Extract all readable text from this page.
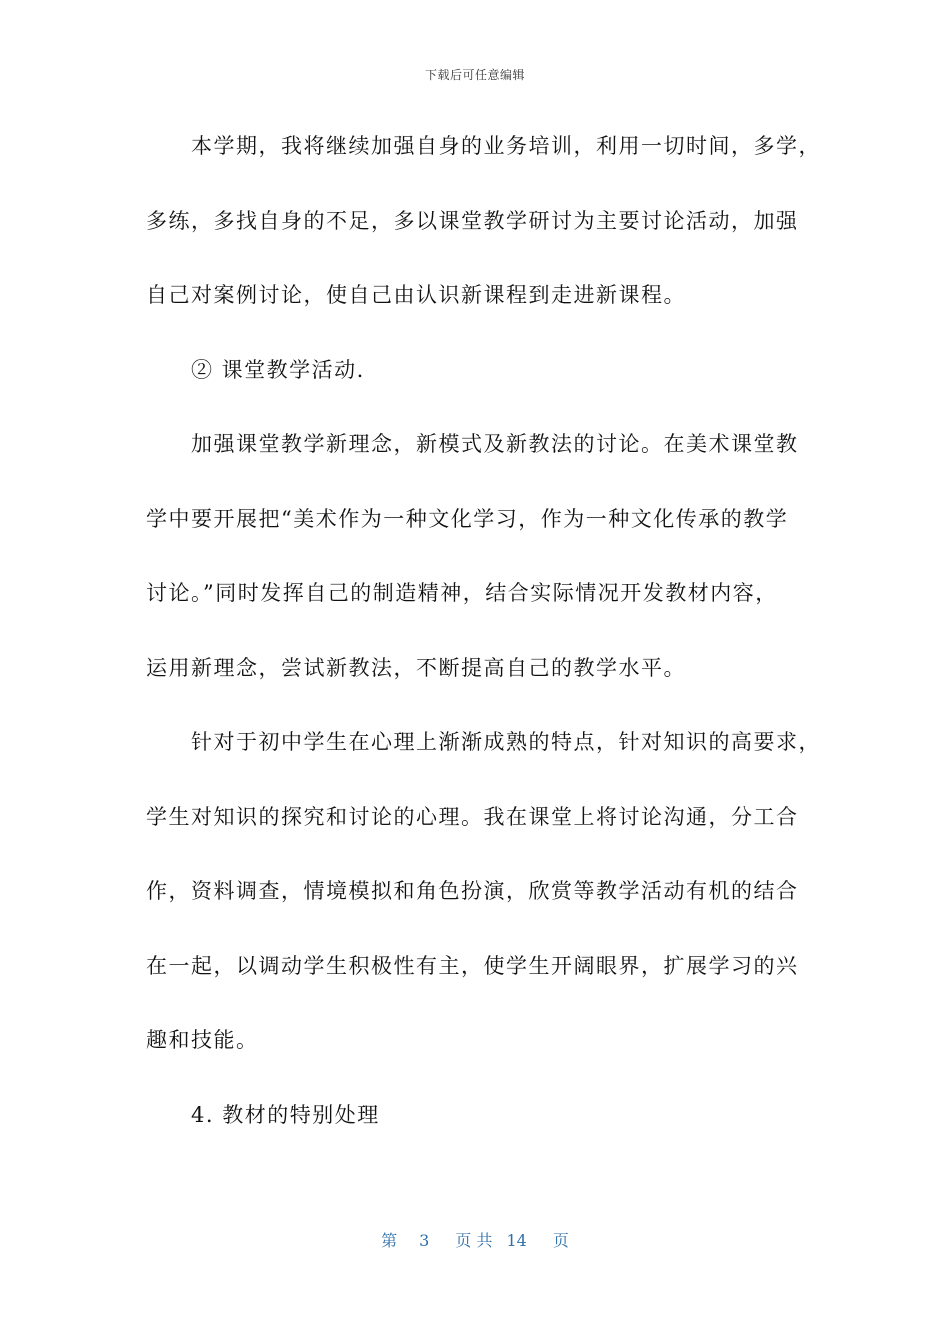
下载后可任意编辑
本学期，我将继续加强自身的业务培训，利用一切时间，多学，
多练，多找自身的不足，多以课堂教学研讨为主要讨论活动，加强
自己对案例讨论，使自己由认识新课程到走进新课程。
② 课堂教学活动.
加强课堂教学新理念，新模式及新教法的讨论。在美术课堂教
学中要开展把“美术作为一种文化学习，作为一种文化传承的教学
讨论。”同时发挥自己的制造精神，结合实际情况开发教材内容，
运用新理念，尝试新教法，不断提高自己的教学水平。
针对于初中学生在心理上渐渐成熟的特点，针对知识的高要求，
学生对知识的探究和讨论的心理。我在课堂上将讨论沟通，分工合
作，资料调查，情境模拟和角色扮演，欣赏等教学活动有机的结合
在一起，以调动学生积极性有主，使学生开阔眼界，扩展学习的兴
趣和技能。
4. 教材的特别处理
第 3 页 共 14 页
